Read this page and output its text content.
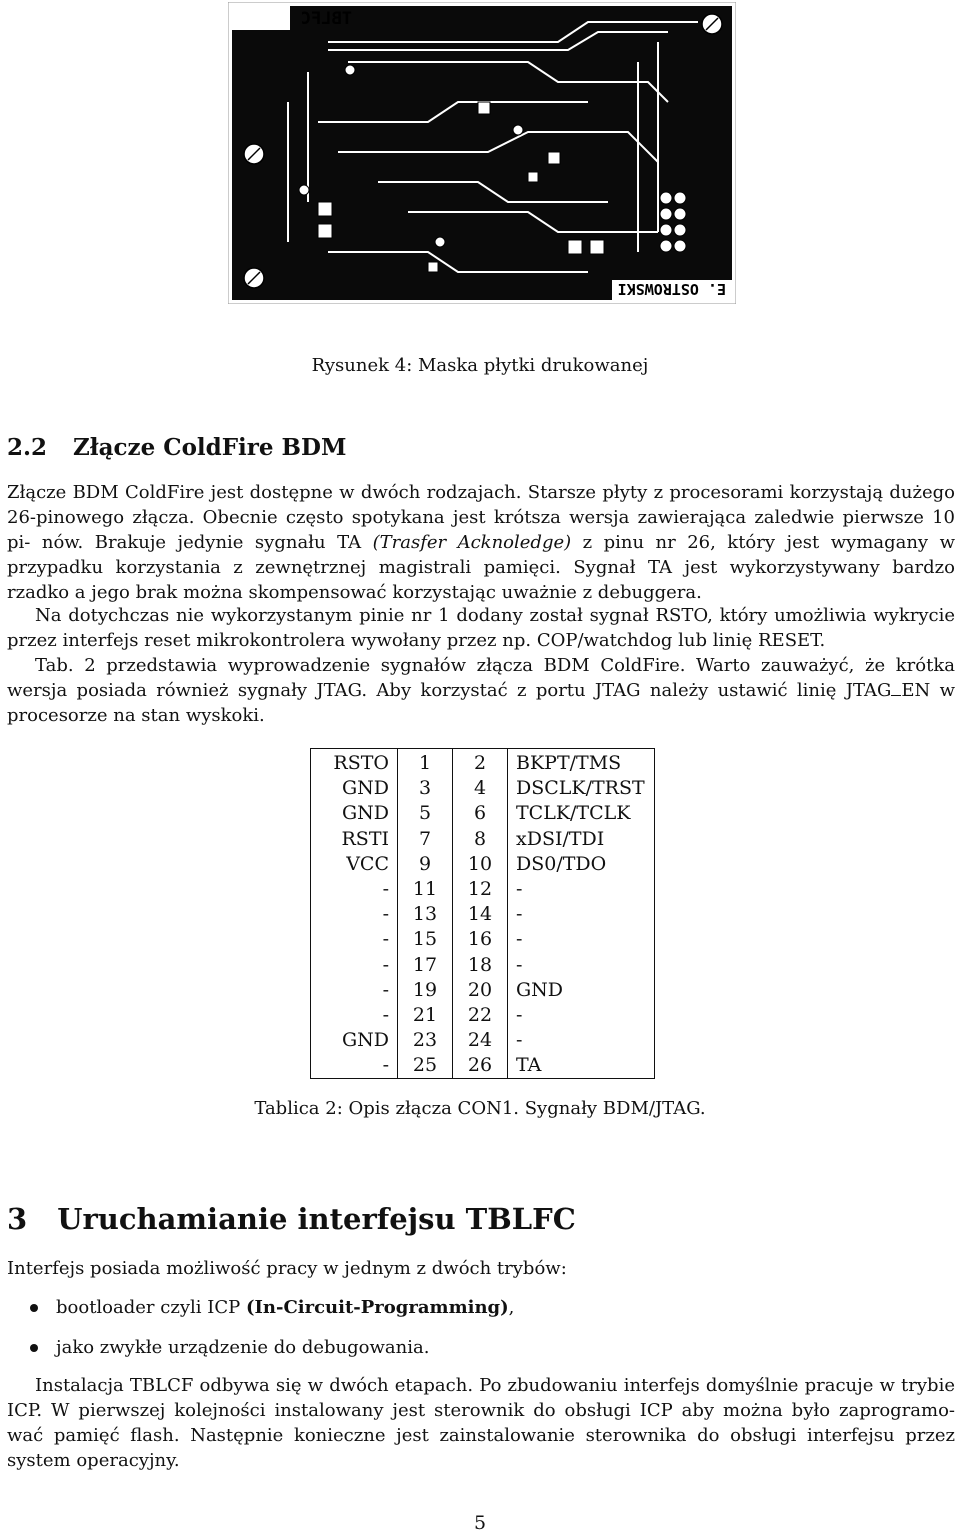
TBLFC
E. OSTROWSKI
Rysunek 4: Maska płytki drukowanej
2.2 Złącze ColdFire BDM

Złącze BDM ColdFire jest dostępne w dwóch rodzajach. Starsze płyty z procesorami korzystają dużego 26-pinowego złącza. Obecnie często spotykana jest krótsza wersja zawierająca zaledwie pierwsze 10 pi- nów. Brakuje jedynie sygnału TA (Trasfer Acknoledge) z pinu nr 26, który jest wymagany w przypadku korzystania z zewnętrznej magistrali pamięci. Sygnał TA jest wykorzystywany bardzo rzadko a jego brak można skompensować korzystając uważnie z debuggera.

Na dotychczas nie wykorzystanym pinie nr 1 dodany został sygnał RSTO, który umożliwia wykrycie przez interfejs reset mikrokontrolera wywołany przez np. COP/watchdog lub linię RESET.

Tab. 2 przedstawia wyprowadzenie sygnałów złącza BDM ColdFire. Warto zauważyć, że krótka wersja posiada również sygnały JTAG. Aby korzystać z portu JTAG należy ustawić linię JTAG EN w procesorze na stan wyskoki.

RSTO	1	2	BKPT/TMS
GND	3	4	DSCLK/TRST
GND	5	6	TCLK/TCLK
RSTI	7	8	xDSI/TDI
VCC	9	10	DS0/TDO
-	11	12	-
-	13	14	-
-	15	16	-
-	17	18	-
-	19	20	GND
-	21	22	-
GND	23	24	-
-	25	26	TA
Tablica 2: Opis złącza CON1. Sygnały BDM/JTAG.
3 Uruchamianie interfejsu TBLFC

Interfejs posiada możliwość pracy w jednym z dwóch trybów:

bootloader czyli ICP (In-Circuit-Programming),
jako zwykłe urządzenie do debugowania.

Instalacja TBLCF odbywa się w dwóch etapach. Po zbudowaniu interfejs domyślnie pracuje w trybie ICP. W pierwszej kolejności instalowany jest sterownik do obsługi ICP aby można było zaprogramo- wać pamięć flash. Następnie konieczne jest zainstalowanie sterownika do obsługi interfejsu przez system operacyjny.

5
